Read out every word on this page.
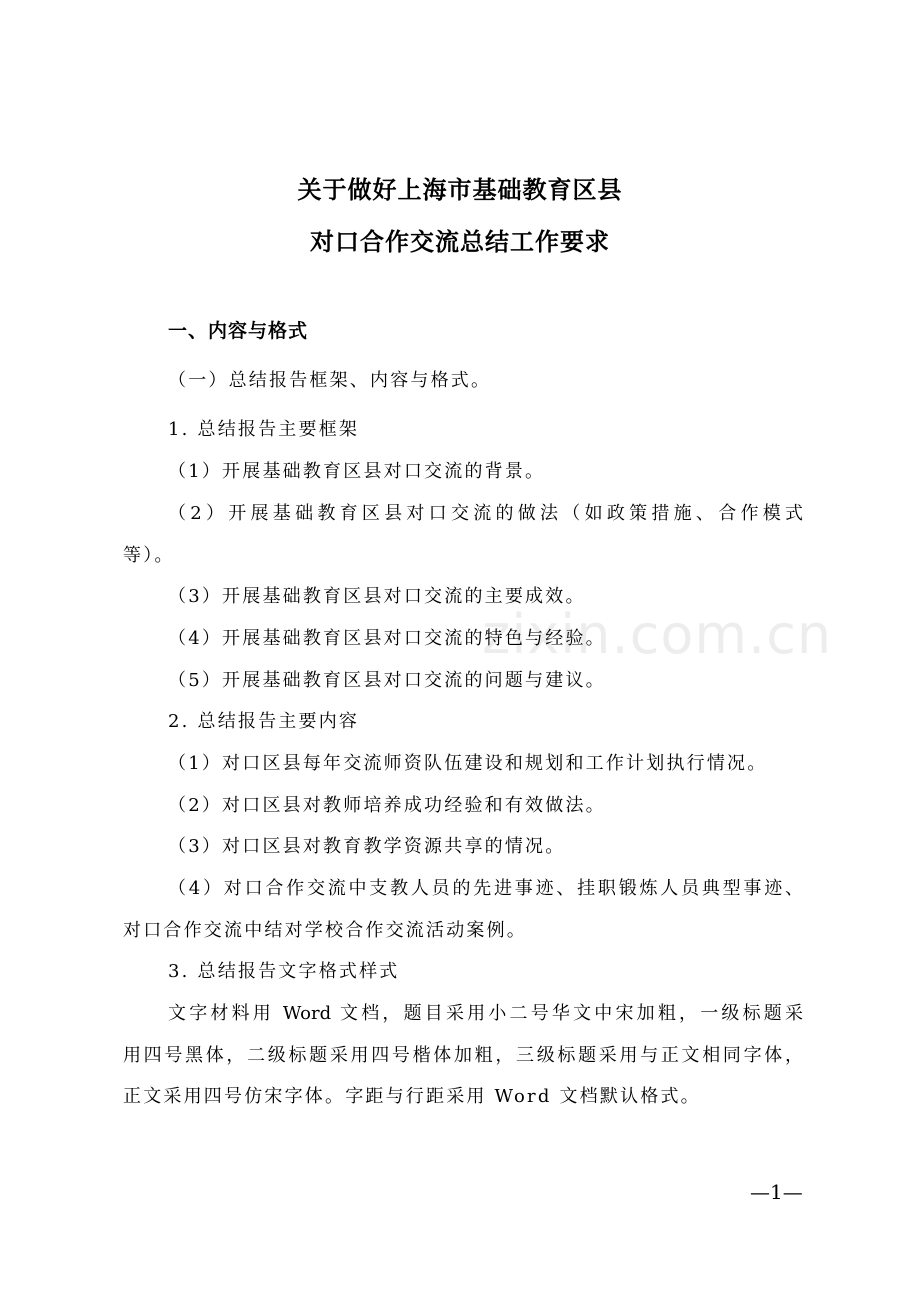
关于做好上海市基础教育区县
对口合作交流总结工作要求
一、内容与格式
（一）总结报告框架、内容与格式。
1. 总结报告主要框架
（1）开展基础教育区县对口交流的背景。
（2）开展基础教育区县对口交流的做法（如政策措施、合作模式
等）。
（3）开展基础教育区县对口交流的主要成效。
（4）开展基础教育区县对口交流的特色与经验。
（5）开展基础教育区县对口交流的问题与建议。
2. 总结报告主要内容
（1）对口区县每年交流师资队伍建设和规划和工作计划执行情况。
（2）对口区县对教师培养成功经验和有效做法。
（3）对口区县对教育教学资源共享的情况。
（4）对口合作交流中支教人员的先进事迹、挂职锻炼人员典型事迹、
对口合作交流中结对学校合作交流活动案例。
3. 总结报告文字格式样式
文字材料用 Word 文档，题目采用小二号华文中宋加粗，一级标题采
用四号黑体，二级标题采用四号楷体加粗，三级标题采用与正文相同字体，
正文采用四号仿宋字体。字距与行距采用 Word 文档默认格式。
zixin.com.cn
—1—
